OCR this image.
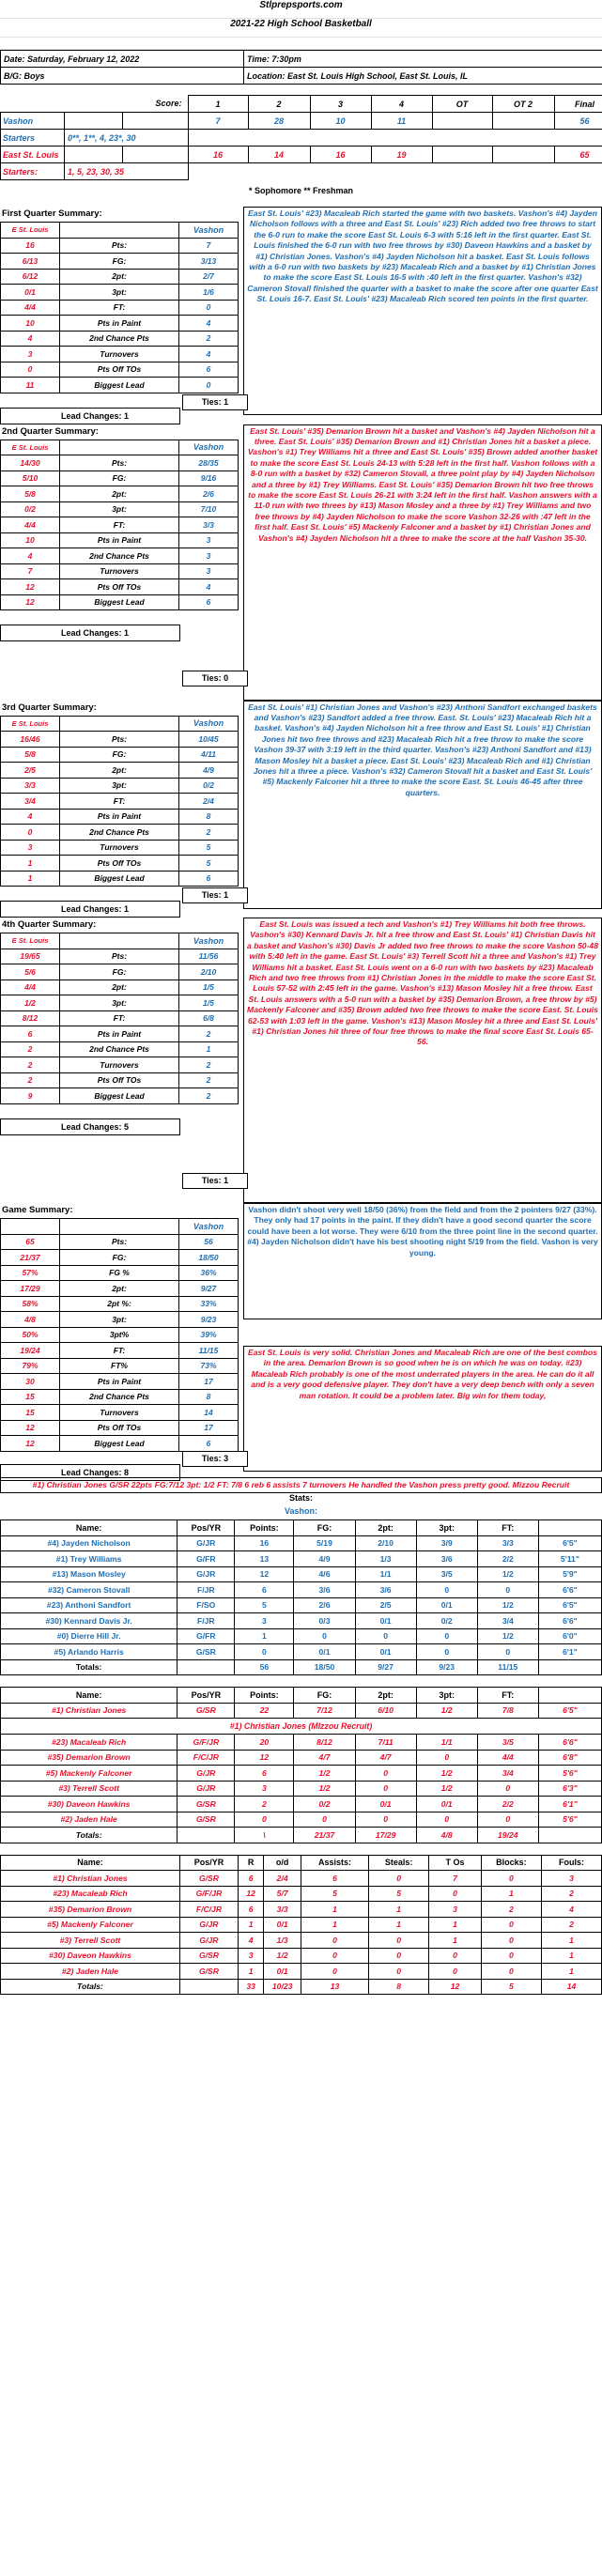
Stlprepsports.com
2021-22 High School Basketball
Date: Saturday, February 12, 2022	Time: 7:30pm
B/G: Boys	Location: East St. Louis High School, East St. Louis, IL
		Score:	1	2	3	4	OT	OT 2	Final
Vashon			7	28	10	11			56
Starters	0**, 1**, 4, 23*, 30								
East St. Louis			16	14	16	19			65
Starters:	1, 5, 23, 30, 35								
* Sophomore ** Freshman
First Quarter Summary:
E St. Louis		Vashon
16	Pts:	7
6/13	FG:	3/13
6/12	2pt:	2/7
0/1	3pt:	1/6
4/4	FT:	0
10	Pts in Paint	4
4	2nd Chance Pts	2
3	Turnovers	4
0	Pts Off TOs	6
11	Biggest Lead	0
	Lead Changes: 1	

East St. Louis' #23) Macaleab Rich started the game with two baskets. Vashon's #4) Jayden Nicholson follows with a three and East St. Louis' #23) Rich added two free throws to start the 6-0 run to make the score East St. Louis 6-3 with 5:16 left in the first quarter. East St. Louis finished the 6-0 run with two free throws by #30) Daveon Hawkins and a basket by #1) Christian Jones. Vashon's #4) Jayden Nicholson hit a basket. East St. Louis follows with a 6-0 run with two baskets by #23) Macaleab Rich and a basket by #1) Christian Jones to make the score East St. Louis 16-5 with :40 left in the first quarter. Vashon's #32) Cameron Stovall finished the quarter with a basket to make the score after one quarter East St. Louis 16-7. East St. Louis' #23) Macaleab Rich scored ten points in the first quarter.
Ties: 1
2nd Quarter Summary:
E St. Louis		Vashon
14/30	Pts:	28/35
5/10	FG:	9/16
5/8	2pt:	2/6
0/2	3pt:	7/10
4/4	FT:	3/3
10	Pts in Paint	3
4	2nd Chance Pts	3
7	Turnovers	3
12	Pts Off TOs	4
12	Biggest Lead	6
	Lead Changes: 1	

East St. Louis' #35) Demarion Brown hit a basket and Vashon's #4) Jayden Nicholson hit a three. East St. Louis' #35) Demarion Brown and #1) Christian Jones hit a basket a piece. Vashon's #1) Trey Williams hit a three and East St. Louis' #35) Brown added another basket to make the score East St. Louis 24-13 with 5:28 left in the first half. Vashon follows with a 8-0 run with a basket by #32) Cameron Stovall, a three point play by #4) Jayden Nicholson and a three by #1) Trey Williams. East St. Louis' #35) Demarion Brown hit two free throws to make the score East St. Louis 26-21 with 3:24 left in the first half. Vashon answers with a 11-0 run with two threes by #13) Mason Mosley and a three by #1) Trey Williams and two free throws by #4) Jayden Nicholson to make the score Vashon 32-26 with :47 left in the first half. East St. Louis' #5) Mackenly Falconer and a basket by #1) Christian Jones and Vashon's #4) Jayden Nicholson hit a three to make the score at the half Vashon 35-30.
Ties: 0
3rd Quarter Summary:
E St. Louis		Vashon
16/46	Pts:	10/45
5/8	FG:	4/11
2/5	2pt:	4/9
3/3	3pt:	0/2
3/4	FT:	2/4
4	Pts in Paint	8
0	2nd Chance Pts	2
3	Turnovers	5
1	Pts Off TOs	5
1	Biggest Lead	6
	Lead Changes: 1	

East St. Louis' #1) Christian Jones and Vashon's #23) Anthoni Sandfort exchanged baskets and Vashon's #23) Sandfort added a free throw. East. St. Louis' #23) Macaleab Rich hit a basket. Vashon's #4) Jayden Nicholson hit a free throw and East St. Louis' #1) Christian Jones hit two free throws and #23) Macaleab Rich hit a free throw to make the score Vashon 39-37 with 3:19 left in the third quarter. Vashon's #23) Anthoni Sandfort and #13) Mason Mosley hit a basket a piece. East St. Louis' #23) Macaleab Rich and #1) Christian Jones hit a three a piece. Vashon's #32) Cameron Stovall hit a basket and East St. Louis' #5) Mackenly Falconer hit a three to make the score East. St. Louis 46-45 after three quarters.
Ties: 1
4th Quarter Summary:
E St. Louis		Vashon
19/65	Pts:	11/56
5/6	FG:	2/10
4/4	2pt:	1/5
1/2	3pt:	1/5
8/12	FT:	6/8
6	Pts in Paint	2
2	2nd Chance Pts	1
2	Turnovers	2
2	Pts Off TOs	2
9	Biggest Lead	2
	Lead Changes: 5	

East St. Louis was issued a tech and Vashon's #1) Trey Williams hit both free throws. Vashon's #30) Kennard Davis Jr. hit a free throw and East St. Louis' #1) Christian Davis hit a basket and Vashon's #30) Davis Jr added two free throws to make the score Vashon 50-48 with 5:40 left in the game. East St. Louis' #3) Terrell Scott hit a three and Vashon's #1) Trey Williams hit a basket. East St. Louis went on a 6-0 run with two baskets by #23) Macaleab Rich and two free throws from #1) Christian Jones in the middle to make the score East St. Louis 57-52 with 2:45 left in the game. Vashon's #13) Mason Mosley hit a free throw. East St. Louis answers with a 5-0 run with a basket by #35) Demarion Brown, a free throw by #5) Mackenly Falconer and #35) Brown added two free throws to make the score East. St. Louis 62-53 with 1:03 left in the game. Vashon's #13) Mason Mosley hit a three and East St. Louis' #1) Christian Jones hit three of four free throws to make the final score East St. Louis 65-56.
Ties: 1
Game Summary:
		Vashon
65	Pts:	56
21/37	FG:	18/50
57%	FG %	36%
17/29	2pt:	9/27
58%	2pt %:	33%
4/8	3pt:	9/23
50%	3pt%	39%
19/24	FT:	11/15
79%	FT%	73%
30	Pts in Paint	17
15	2nd Chance Pts	8
15	Turnovers	14
12	Pts Off TOs	17
12	Biggest Lead	6
	Lead Changes: 8	

Vashon didn't shoot very well 18/50 (36%) from the field and from the 2 pointers 9/27 (33%). They only had 17 points in the paint. If they didn't have a good second quarter the score could have been a lot worse. They were 6/10 from the three point line in the second quarter. #4) Jayden Nicholson didn't have his best shooting night 5/19 from the field. Vashon is very young.
East St. Louis is very solid. Christian Jones and Macaleab Rich are one of the best combos in the area. Demarion Brown is so good when he is on which he was on today. #23) Macaleab Rich probably is one of the most underrated players in the area. He can do it all and is a very good defensive player. They don't have a very deep bench with only a seven man rotation. It could be a problem later. Big win for them today,
Ties: 3
#1) Christian Jones G/SR 22pts FG:7/12 3pt: 1/2 FT: 7/8 6 reb 6 assists 7 turnovers He handled the Vashon press pretty good. Mizzou Recruit
Stats:
Vashon:
Name:	Pos/YR	Points:	FG:	2pt:	3pt:	FT:	
#4) Jayden Nicholson	G/JR	16	5/19	2/10	3/9	3/3	6'5"
#1) Trey Williams	G/FR	13	4/9	1/3	3/6	2/2	5'11"
#13) Mason Mosley	G/JR	12	4/6	1/1	3/5	1/2	5'9"
#32) Cameron Stovall	F/JR	6	3/6	3/6	0	0	6'6"
#23) Anthoni Sandfort	F/SO	5	2/6	2/5	0/1	1/2	6'5"
#30) Kennard Davis Jr.	F/JR	3	0/3	0/1	0/2	3/4	6'6"
#0) Dierre Hill Jr.	G/FR	1	0	0	0	1/2	6'0"
#5) Arlando Harris	G/SR	0	0/1	0/1	0	0	6'1"
Totals:		56	18/50	9/27	9/23	11/15	
Name:	Pos/YR	Points:	FG:	2pt:	3pt:	FT:	
#1) Christian Jones	G/SR	22	7/12	6/10	1/2	7/8	6'5"
#1) Christian Jones (MIzzou Recruit)							
#23) Macaleab Rich	G/F/JR	20	8/12	7/11	1/1	3/5	6'6"
#35) Demarion Brown	F/C/JR	12	4/7	4/7	0	4/4	6'8"
#5) Mackenly Falconer	G/JR	6	1/2	0	1/2	3/4	5'6"
#3) Terrell Scott	G/JR	3	1/2	0	1/2	0	6'3"
#30) Daveon Hawkins	G/SR	2	0/2	0/1	0/1	2/2	6'1"
#2) Jaden Hale	G/SR	0	0	0	0	0	5'6"
Totals:		\	21/37	17/29	4/8	19/24	
Name:	Pos/YR	R	o/d	Assists:	Steals:	T Os	Blocks:	Fouls:
#1) Christian Jones	G/SR	6	2/4	6	0	7	0	3
#23) Macaleab Rich	G/F/JR	12	5/7	5	5	0	1	2
#35) Demarion Brown	F/C/JR	6	3/3	1	1	3	2	4
#5) Mackenly Falconer	G/JR	1	0/1	1	1	1	0	2
#3) Terrell Scott	G/JR	4	1/3	0	0	1	0	1
#30) Daveon Hawkins	G/SR	3	1/2	0	0	0	0	1
#2) Jaden Hale	G/SR	1	0/1	0	0	0	0	1
Totals:		33	10/23	13	8	12	5	14
